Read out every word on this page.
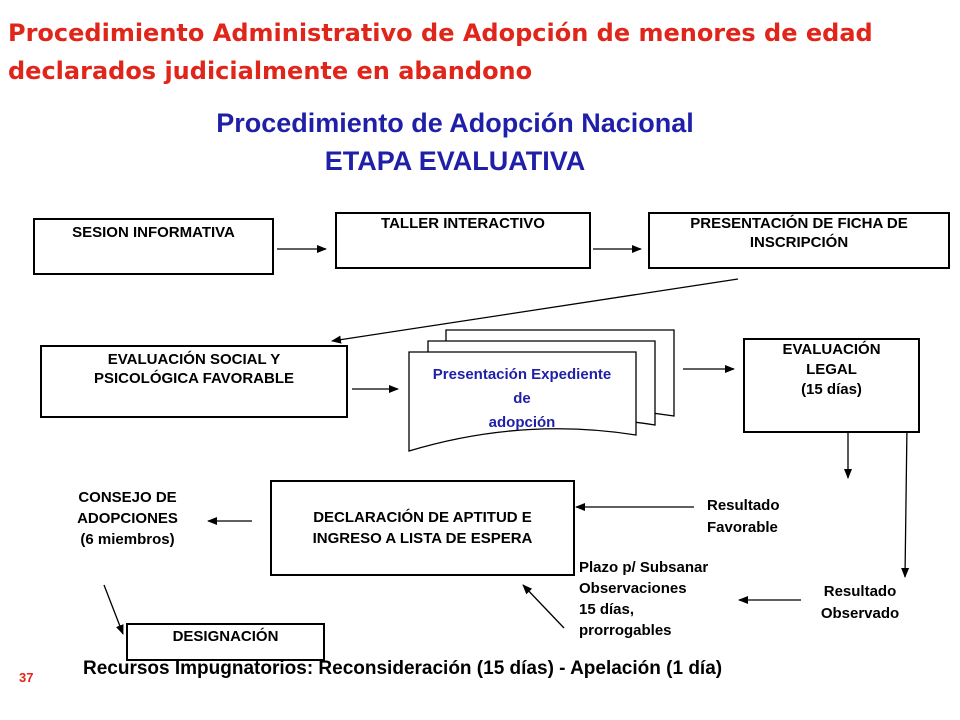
Procedimiento Administrativo de Adopción de menores de edad
declarados judicialmente en abandono
Procedimiento de Adopción Nacional
ETAPA EVALUATIVA
Presentación Expediente
de
adopción
SESION INFORMATIVA
TALLER INTERACTIVO	PRESENTACIÓN DE FICHA DE
INSCRIPCIÓN
EVALUACIÓN SOCIAL Y
PSICOLÓGICA FAVORABLE
EVALUACIÓN
LEGAL
(15 días)
DECLARACIÓN DE APTITUD E
INGRESO A LISTA DE ESPERA
DESIGNACIÓN
CONSEJO DE
ADOPCIONES
(6 miembros)
Resultado
Favorable
Resultado
Observado
Plazo p/ Subsanar
Observaciones
15 días,
prorrogables
Recursos Impugnatorios: Reconsideración (15 días) - Apelación (1 día)
37
